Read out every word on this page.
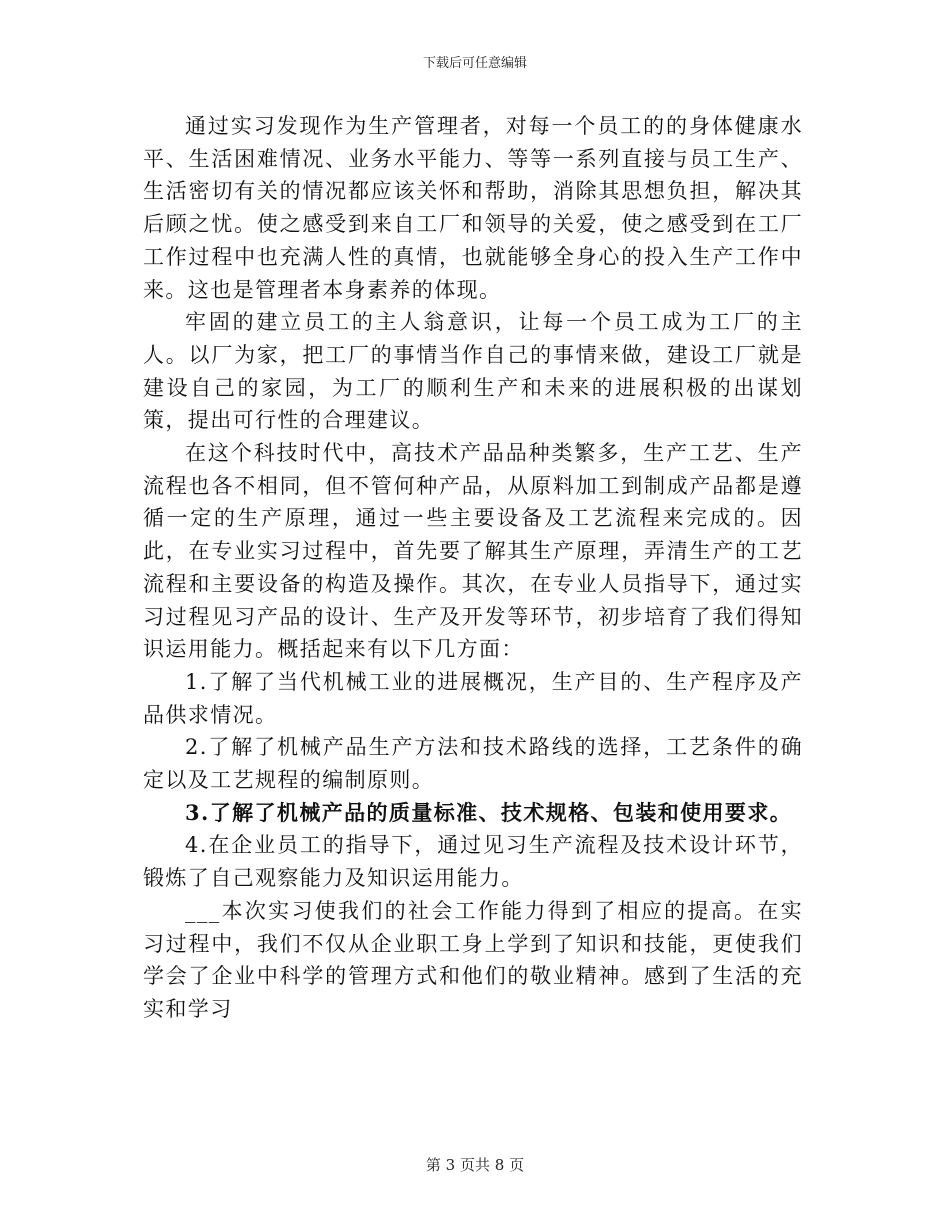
下载后可任意编辑

通过实习发现作为生产管理者，对每一个员工的的身体健康水平、生活困难情况、业务水平能力、等等一系列直接与员工生产、生活密切有关的情况都应该关怀和帮助，消除其思想负担，解决其后顾之忧。使之感受到来自工厂和领导的关爱，使之感受到在工厂工作过程中也充满人性的真情，也就能够全身心的投入生产工作中来。这也是管理者本身素养的体现。

牢固的建立员工的主人翁意识，让每一个员工成为工厂的主人。以厂为家，把工厂的事情当作自己的事情来做，建设工厂就是建设自己的家园，为工厂的顺利生产和未来的进展积极的出谋划策，提出可行性的合理建议。

在这个科技时代中，高技术产品品种类繁多，生产工艺、生产流程也各不相同，但不管何种产品，从原料加工到制成产品都是遵循一定的生产原理，通过一些主要设备及工艺流程来完成的。因此，在专业实习过程中，首先要了解其生产原理，弄清生产的工艺流程和主要设备的构造及操作。其次，在专业人员指导下，通过实习过程见习产品的设计、生产及开发等环节，初步培育了我们得知识运用能力。概括起来有以下几方面：

1.了解了当代机械工业的进展概况，生产目的、生产程序及产品供求情况。

2.了解了机械产品生产方法和技术路线的选择，工艺条件的确定以及工艺规程的编制原则。

3.了解了机械产品的质量标准、技术规格、包装和使用要求。

4.在企业员工的指导下，通过见习生产流程及技术设计环节，锻炼了自己观察能力及知识运用能力。

___本次实习使我们的社会工作能力得到了相应的提高。在实习过程中，我们不仅从企业职工身上学到了知识和技能，更使我们学会了企业中科学的管理方式和他们的敬业精神。感到了生活的充实和学习

第 3 页共 8 页
